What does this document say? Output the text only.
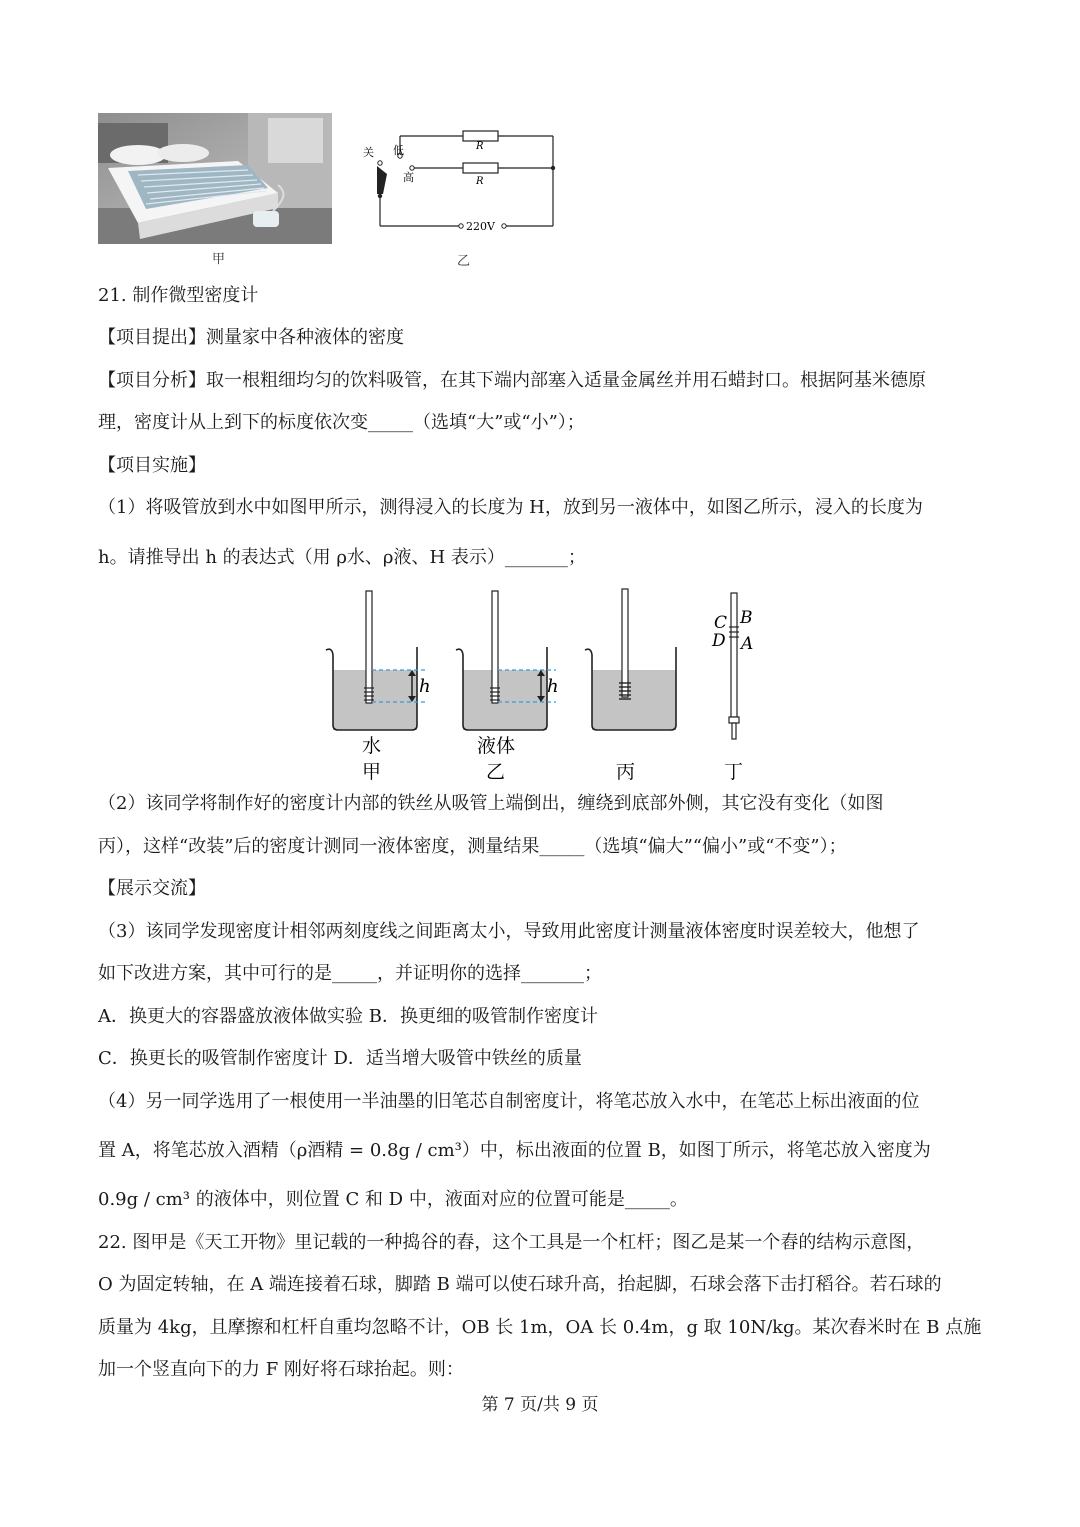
甲
关 低
高
R
R
220V
乙
21. 制作微型密度计
【项目提出】测量家中各种液体的密度
【项目分析】取一根粗细均匀的饮料吸管，在其下端内部塞入适量金属丝并用石蜡封口。根据阿基米德原
理，密度计从上到下的标度依次变_____（选填“大”或“小”）；
【项目实施】
（1）将吸管放到水中如图甲所示，测得浸入的长度为 H，放到另一液体中，如图乙所示，浸入的长度为
h。请推导出 h 的表达式（用 ρ水、ρ液、H 表示）_______；
h	h
C B
D A
水
甲
液体
乙	丙	丁
（2）该同学将制作好的密度计内部的铁丝从吸管上端倒出，缠绕到底部外侧，其它没有变化（如图
丙），这样“改装”后的密度计测同一液体密度，测量结果_____（选填“偏大”“偏小”或“不变”）；
【展示交流】
（3）该同学发现密度计相邻两刻度线之间距离太小，导致用此密度计测量液体密度时误差较大，他想了
如下改进方案，其中可行的是_____，并证明你的选择_______；
A．换更大的容器盛放液体做实验 B．换更细的吸管制作密度计
C．换更长的吸管制作密度计 D．适当增大吸管中铁丝的质量
（4）另一同学选用了一根使用一半油墨的旧笔芯自制密度计，将笔芯放入水中，在笔芯上标出液面的位
置 A，将笔芯放入酒精（ρ酒精 = 0.8g / cm³）中，标出液面的位置 B，如图丁所示，将笔芯放入密度为
0.9g / cm³ 的液体中，则位置 C 和 D 中，液面对应的位置可能是_____。
22. 图甲是《天工开物》里记载的一种捣谷的舂，这个工具是一个杠杆；图乙是某一个舂的结构示意图，
O 为固定转轴，在 A 端连接着石球，脚踏 B 端可以使石球升高，抬起脚，石球会落下击打稻谷。若石球的
质量为 4kg，且摩擦和杠杆自重均忽略不计，OB 长 1m，OA 长 0.4m，g 取 10N/kg。某次舂米时在 B 点施
加一个竖直向下的力 F 刚好将石球抬起。则：
第 7 页/共 9 页
